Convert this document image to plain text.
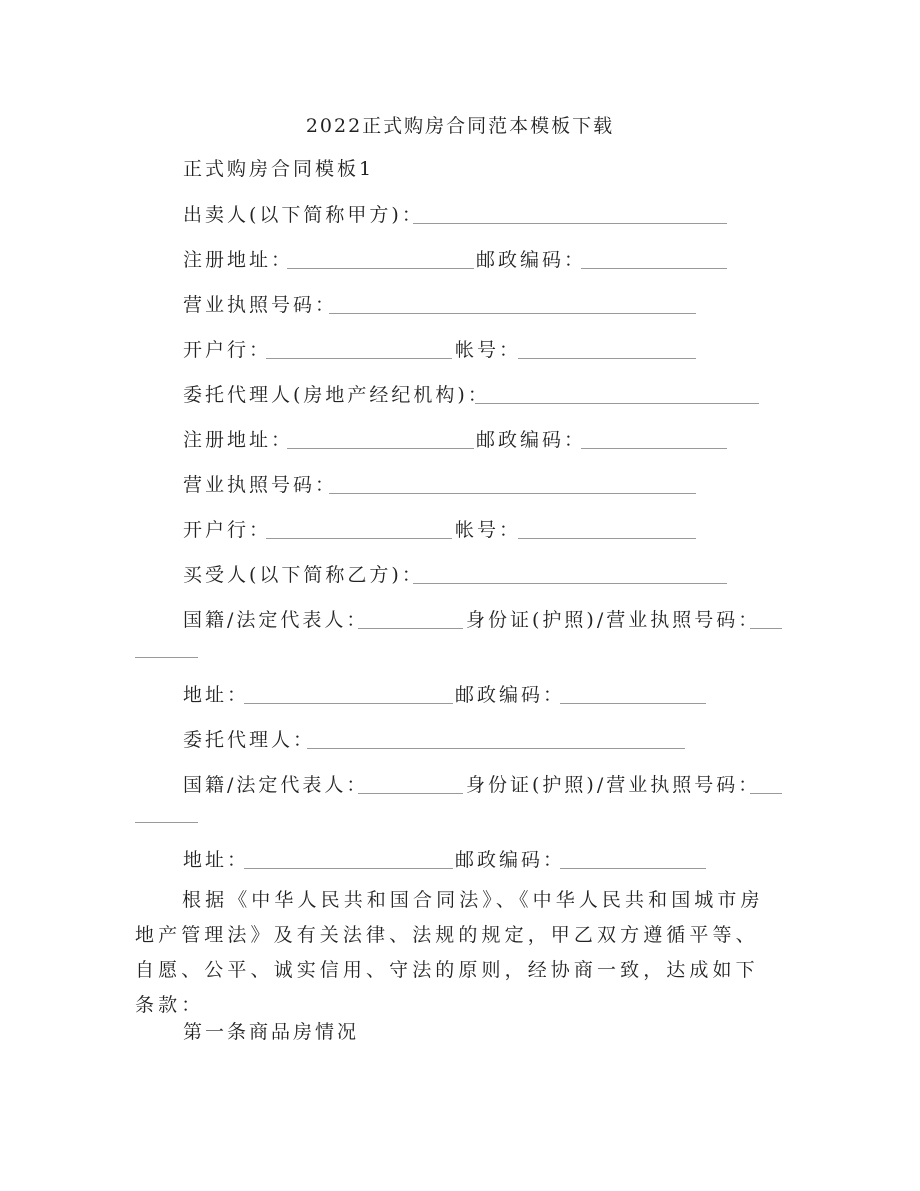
2022正式购房合同范本模板下载
正式购房合同模板1
出卖人(以下简称甲方)：
注册地址：	邮政编码：
营业执照号码：
开户行：	帐号：
委托代理人(房地产经纪机构)：
注册地址：	邮政编码：
营业执照号码：
开户行：	帐号：
买受人(以下简称乙方)：
国籍/法定代表人：	身份证(护照)/营业执照号码：
地址：	邮政编码：
委托代理人：
国籍/法定代表人：	身份证(护照)/营业执照号码：
地址：	邮政编码：
根据《中华人民共和国合同法》、《中华人民共和国城市房地产管理法》及有关法律、法规的规定，甲乙双方遵循平等、自愿、公平、诚实信用、守法的原则，经协商一致，达成如下条款：
第一条商品房情况
